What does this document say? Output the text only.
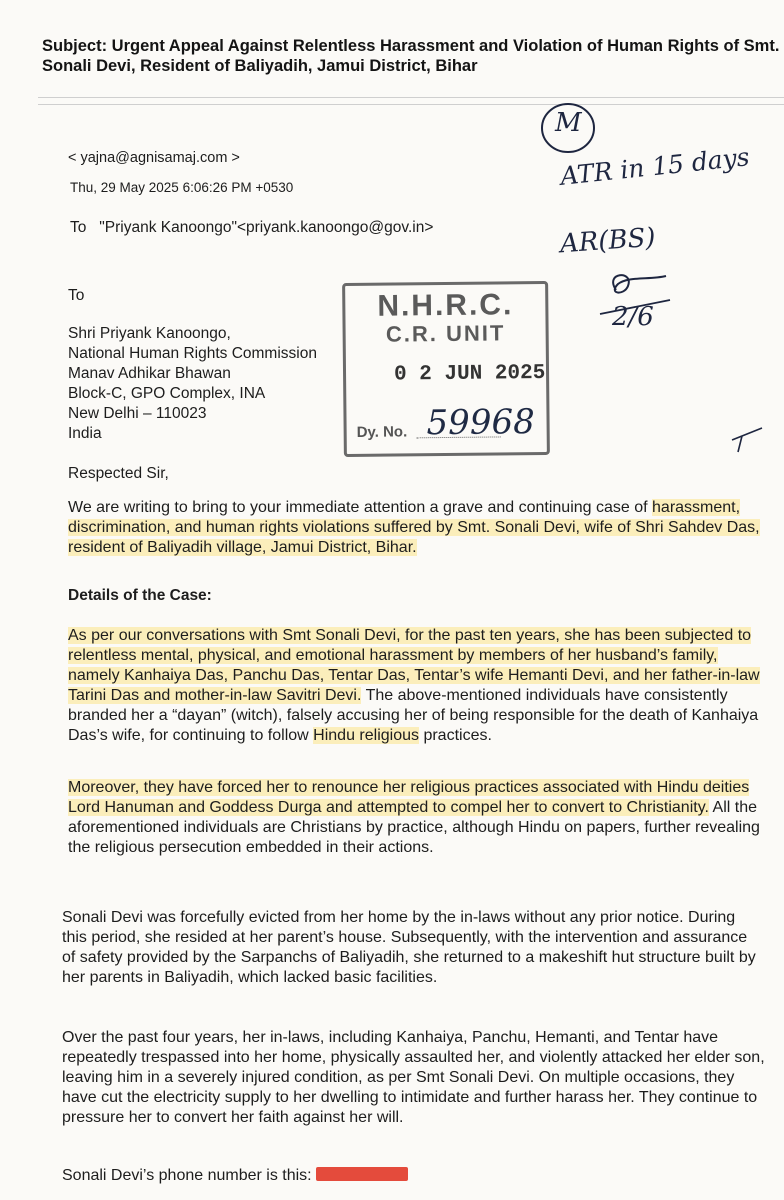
Subject: Urgent Appeal Against Relentless Harassment and Violation of Human Rights of Smt. Sonali Devi, Resident of Baliyadih, Jamui District, Bihar
< yajna@agnisamaj.com >
Thu, 29 May 2025 6:06:26 PM +0530
To "Priyank Kanoongo"<priyank.kanoongo@gov.in>
To
Shri Priyank Kanoongo,
National Human Rights Commission
Manav Adhikar Bhawan
Block-C, GPO Complex, INA
New Delhi – 110023
India
N.H.R.C.
C.R. UNIT
0 2 JUN 2025
Dy. No. 59968
M
ATR in 15 days
AR(BS)
2/6
Respected Sir,
We are writing to bring to your immediate attention a grave and continuing case of harassment, discrimination, and human rights violations suffered by Smt. Sonali Devi, wife of Shri Sahdev Das, resident of Baliyadih village, Jamui District, Bihar.
Details of the Case:
As per our conversations with Smt Sonali Devi, for the past ten years, she has been subjected to relentless mental, physical, and emotional harassment by members of her husband’s family, namely Kanhaiya Das, Panchu Das, Tentar Das, Tentar’s wife Hemanti Devi, and her father-in-law Tarini Das and mother-in-law Savitri Devi. The above-mentioned individuals have consistently branded her a “dayan” (witch), falsely accusing her of being responsible for the death of Kanhaiya Das’s wife, for continuing to follow Hindu religious practices.
Moreover, they have forced her to renounce her religious practices associated with Hindu deities Lord Hanuman and Goddess Durga and attempted to compel her to convert to Christianity. All the aforementioned individuals are Christians by practice, although Hindu on papers, further revealing the religious persecution embedded in their actions.
Sonali Devi was forcefully evicted from her home by the in-laws without any prior notice. During this period, she resided at her parent’s house. Subsequently, with the intervention and assurance of safety provided by the Sarpanchs of Baliyadih, she returned to a makeshift hut structure built by her parents in Baliyadih, which lacked basic facilities.
Over the past four years, her in-laws, including Kanhaiya, Panchu, Hemanti, and Tentar have repeatedly trespassed into her home, physically assaulted her, and violently attacked her elder son, leaving him in a severely injured condition, as per Smt Sonali Devi. On multiple occasions, they have cut the electricity supply to her dwelling to intimidate and further harass her. They continue to pressure her to convert her faith against her will.
Sonali Devi’s phone number is this:
